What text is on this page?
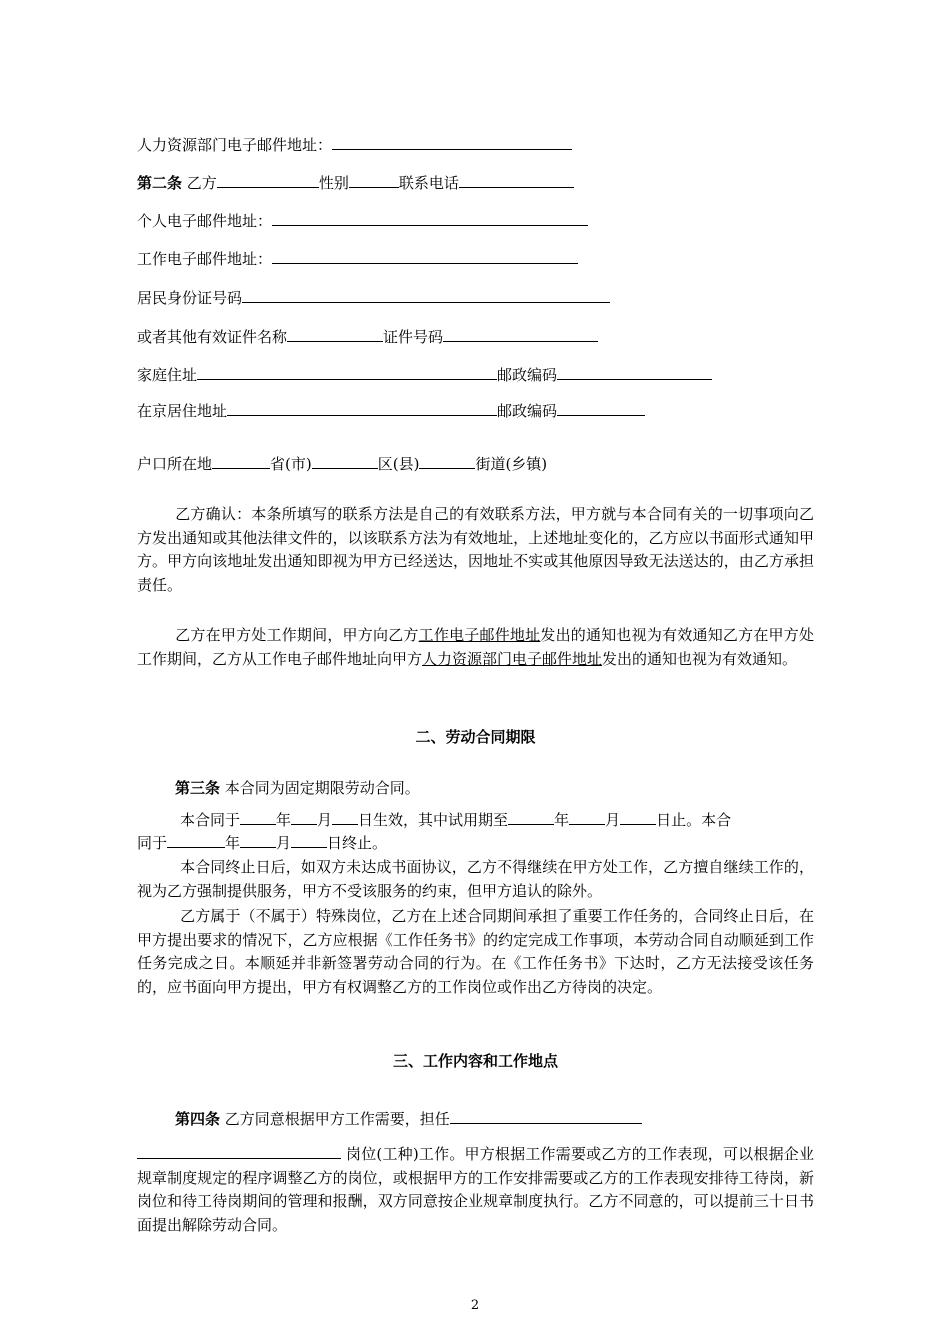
人力资源部门电子邮件地址：
第二条 乙方	性别	联系电话
个人电子邮件地址：
工作电子邮件地址：
居民身份证号码
或者其他有效证件名称	证件号码
家庭住址	邮政编码
在京居住地址	邮政编码
户口所在地	省(市)	区(县)	街道(乡镇)
乙方确认：本条所填写的联系方法是自己的有效联系方法，甲方就与本合同有关的一切事项向乙方发出通知或其他法律文件的，以该联系方法为有效地址，上述地址变化的，乙方应以书面形式通知甲方。甲方向该地址发出通知即视为甲方已经送达，因地址不实或其他原因导致无法送达的，由乙方承担责任。
乙方在甲方处工作期间，甲方向乙方工作电子邮件地址发出的通知也视为有效通知乙方在甲方处工作期间，乙方从工作电子邮件地址向甲方人力资源部门电子邮件地址发出的通知也视为有效通知。
二、劳动合同期限
第三条 本合同为固定期限劳动合同。
本合同于 年 月 日生效，其中试用期至	年 月 日止。本合
同于	年 月 日终止。
本合同终止日后，如双方未达成书面协议，乙方不得继续在甲方处工作，乙方擅自继续工作的，视为乙方强制提供服务，甲方不受该服务的约束，但甲方追认的除外。
乙方属于（不属于）特殊岗位，乙方在上述合同期间承担了重要工作任务的，合同终止日后，在甲方提出要求的情况下，乙方应根据《工作任务书》的约定完成工作事项，本劳动合同自动顺延到工作任务完成之日。本顺延并非新签署劳动合同的行为。在《工作任务书》下达时，乙方无法接受该任务的，应书面向甲方提出，甲方有权调整乙方的工作岗位或作出乙方待岗的决定。
三、工作内容和工作地点
第四条 乙方同意根据甲方工作需要，担任
岗位(工种)工作。甲方根据工作需要或乙方的工作表现，可以根据企业规章制度规定的程序调整乙方的岗位，或根据甲方的工作安排需要或乙方的工作表现安排待工待岗，新岗位和待工待岗期间的管理和报酬，双方同意按企业规章制度执行。乙方不同意的，可以提前三十日书面提出解除劳动合同。
2
